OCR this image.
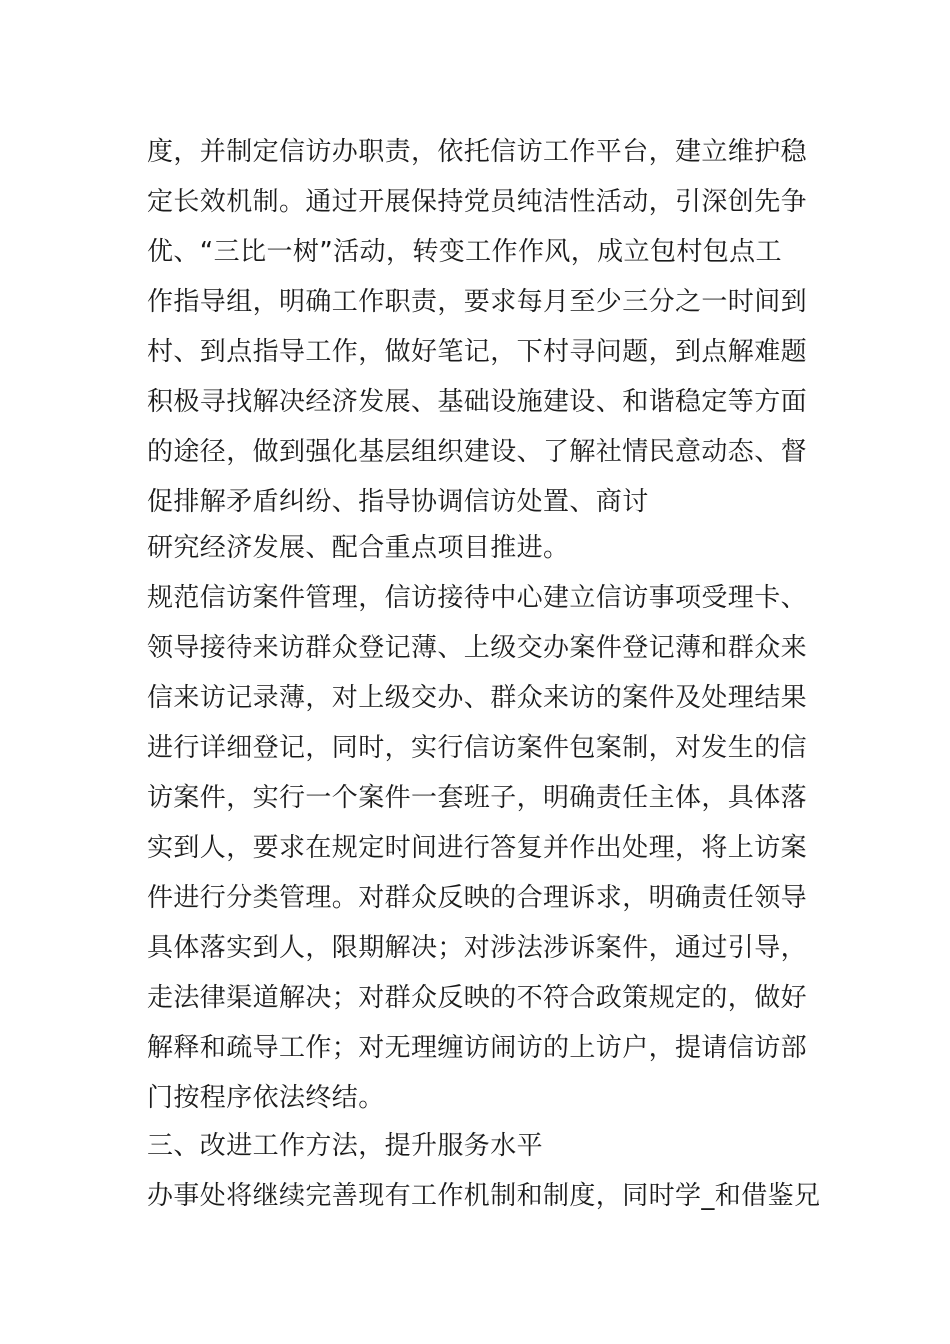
度，并制定信访办职责，依托信访工作平台，建立维护稳

定长效机制。通过开展保持党员纯洁性活动，引深创先争

优、“三比一树”活动，转变工作作风，成立包村包点工

作指导组，明确工作职责，要求每月至少三分之一时间到

村、到点指导工作，做好笔记，下村寻问题，到点解难题

积极寻找解决经济发展、基础设施建设、和谐稳定等方面

的途径，做到强化基层组织建设、了解社情民意动态、督

促排解矛盾纠纷、指导协调信访处置、商讨

研究经济发展、配合重点项目推进。

规范信访案件管理，信访接待中心建立信访事项受理卡、

领导接待来访群众登记薄、上级交办案件登记薄和群众来

信来访记录薄，对上级交办、群众来访的案件及处理结果

进行详细登记，同时，实行信访案件包案制，对发生的信

访案件，实行一个案件一套班子，明确责任主体，具体落

实到人，要求在规定时间进行答复并作出处理，将上访案

件进行分类管理。对群众反映的合理诉求，明确责任领导

具体落实到人，限期解决；对涉法涉诉案件，通过引导，

走法律渠道解决；对群众反映的不符合政策规定的，做好

解释和疏导工作；对无理缠访闹访的上访户，提请信访部

门按程序依法终结。

三、改进工作方法，提升服务水平

办事处将继续完善现有工作机制和制度，同时学_和借鉴兄
